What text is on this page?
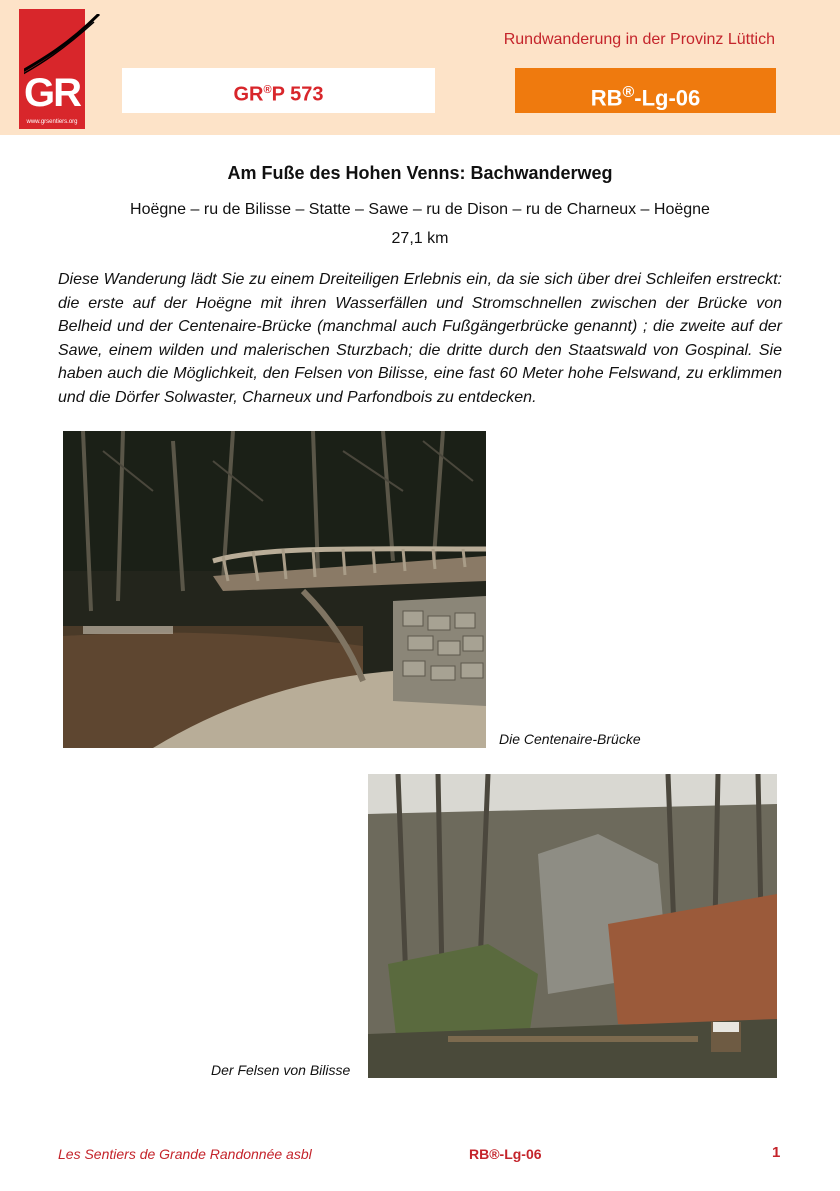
GR
www.grsentiers.org
Rundwanderung in der Provinz Lüttich
GR®P 573	RB®-Lg-06
Am Fuße des Hohen Venns: Bachwanderweg
Hoëgne – ru de Bilisse – Statte – Sawe – ru de Dison – ru de Charneux – Hoëgne
27,1 km
Diese Wanderung lädt Sie zu einem Dreiteiligen Erlebnis ein, da sie sich über drei Schleifen erstreckt: die erste auf der Hoëgne mit ihren Wasserfällen und Stromschnellen zwischen der Brücke von Belheid und der Centenaire-Brücke (manchmal auch Fußgängerbrücke genannt) ; die zweite auf der Sawe, einem wilden und malerischen Sturzbach; die dritte durch den Staatswald von Gospinal. Sie haben auch die Möglichkeit, den Felsen von Bilisse, eine fast 60 Meter hohe Felswand, zu erklimmen und die Dörfer Solwaster, Charneux und Parfondbois zu entdecken.
Die Centenaire-Brücke
Der Felsen von Bilisse
Les Sentiers de Grande Randonnée asbl	RB®-Lg-06	1
